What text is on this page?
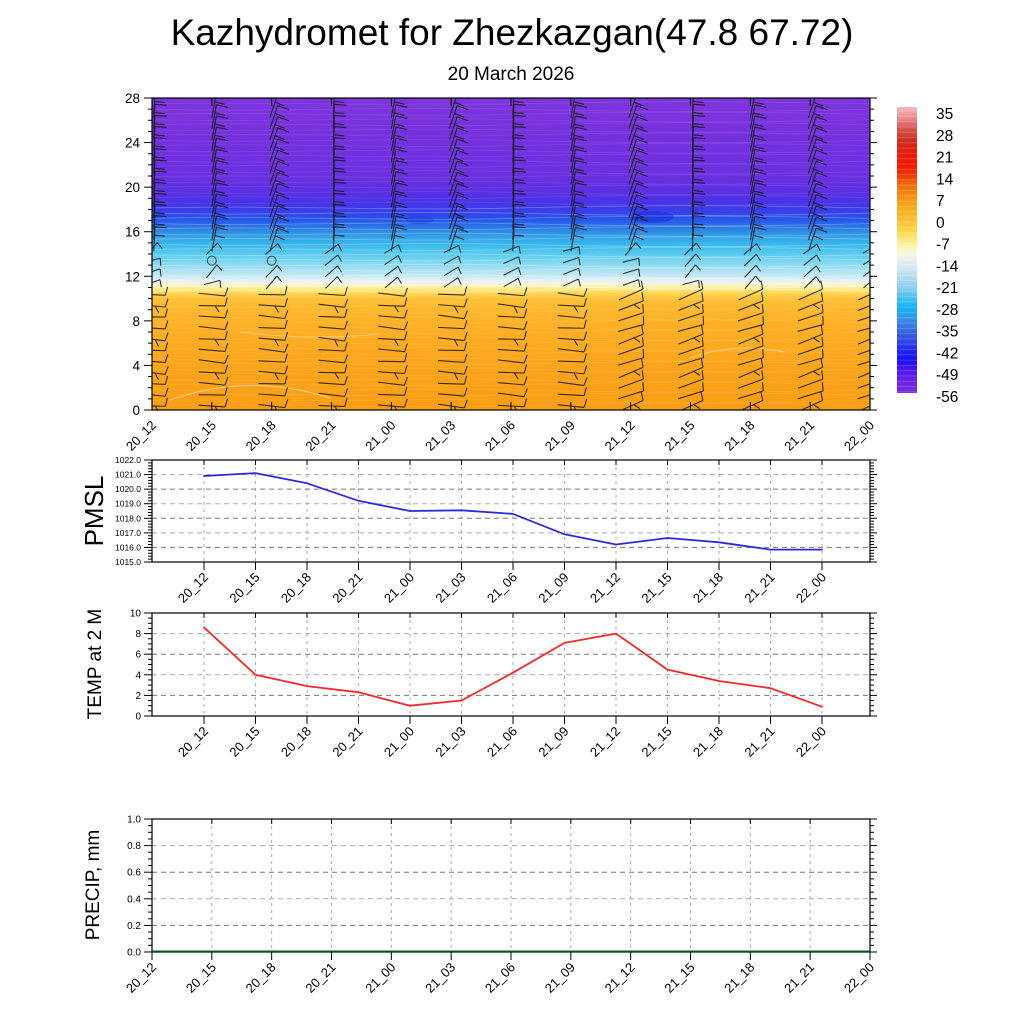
Kazhydromet for Zhezkazgan(47.8 67.72)
20 March 2026
0
4
8
12
16
20
24
28
20_12 20_15 20_18 20_21 21_00 21_03 21_06 21_09 21_12 21_15 21_18 21_21 22_00
35
28
21
14
7
0
-7
-14
-21
-28
-35
-42
-49
-56
1015.0
1016.0
1017.0
1018.0
1019.0
1020.0
1021.0
1022.0
20_12 20_15 20_18 20_21 21_00 21_03 21_06 21_09 21_12 21_15 21_18 21_21 22_00
PMSL
0
2
4
6
8
10
20_12 20_15 20_18 20_21 21_00 21_03 21_06 21_09 21_12 21_15 21_18 21_21 22_00
TEMP at 2 M
0.0
0.2
0.4
0.6
0.8
1.0
20_12 20_15 20_18 20_21 21_00 21_03 21_06 21_09 21_12 21_15 21_18 21_21 22_00
PRECIP, mm
